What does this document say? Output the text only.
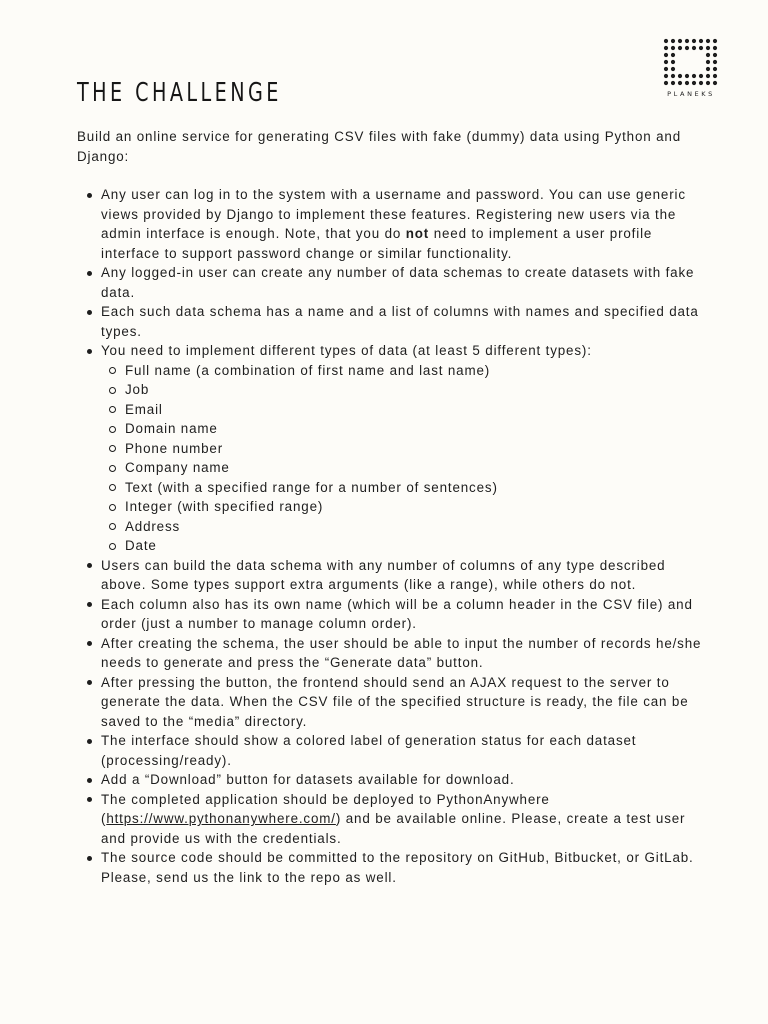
PLANEKS
THE CHALLENGE

Build an online service for generating CSV files with fake (dummy) data using Python and Django:

Any user can log in to the system with a username and password. You can use generic views provided by Django to implement these features. Registering new users via the admin interface is enough. Note, that you do not need to implement a user profile interface to support password change or similar functionality.
Any logged-in user can create any number of data schemas to create datasets with fake data.
Each such data schema has a name and a list of columns with names and specified data types.
You need to implement different types of data (at least 5 different types):
Full name (a combination of first name and last name)
Job
Email
Domain name
Phone number
Company name
Text (with a specified range for a number of sentences)
Integer (with specified range)
Address
Date
Users can build the data schema with any number of columns of any type described above. Some types support extra arguments (like a range), while others do not.
Each column also has its own name (which will be a column header in the CSV file) and order (just a number to manage column order).
After creating the schema, the user should be able to input the number of records he/she needs to generate and press the “Generate data” button.
After pressing the button, the frontend should send an AJAX request to the server to generate the data. When the CSV file of the specified structure is ready, the file can be saved to the “media” directory.
The interface should show a colored label of generation status for each dataset (processing/ready).
Add a “Download” button for datasets available for download.
The completed application should be deployed to PythonAnywhere (https://www.pythonanywhere.com/) and be available online. Please, create a test user and provide us with the credentials.
The source code should be committed to the repository on GitHub, Bitbucket, or GitLab. Please, send us the link to the repo as well.
